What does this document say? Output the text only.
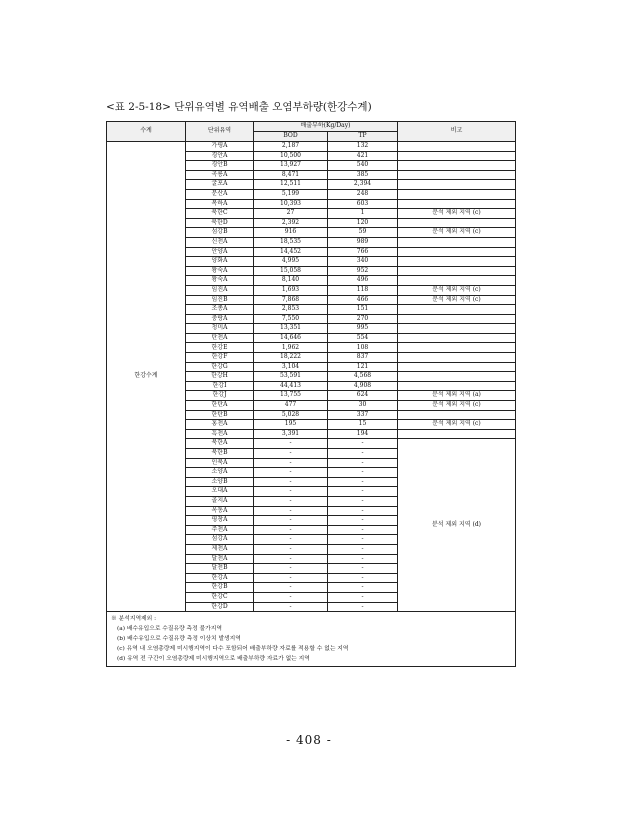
<표 2-5-18> 단위유역별 유역배출 오염부하량(한강수계)
수계	단위유역	배출부하(Kg/Day)		비고
		BOD	TP	
한강수계	가평A	2,187	132	
	경안A	10,500	421	
	경안B	13,927	540	
	곡릉A	8,471	385	
	굴포A	12,511	2,394	
	문산A	5,199	248	
	복하A	10,393	603	
	북한C	27	1	분석 제외 지역 (c)
	북한D	2,392	120	
	섬강B	916	59	분석 제외 지역 (c)
	신천A	18,535	989	
	안양A	14,452	766	
	양화A	4,995	340	
	왕숙A	15,058	952	
	왕숙A	8,140	496	
	임진A	1,693	118	분석 제외 지역 (c)
	임진B	7,868	466	분석 제외 지역 (c)
	조종A	2,853	151	
	중랑A	7,550	270	
	청미A	13,351	995	
	탄천A	14,646	554	
	한강E	1,962	108	
	한강F	18,222	837	
	한강G	3,104	121	
	한강H	53,591	4,568	
	한강I	44,413	4,908	
	한강J	13,755	624	분석 제외 지역 (a)
	한탄A	477	30	분석 제외 지역 (c)
	한탄B	5,028	337	
	홍천A	195	15	분석 제외 지역 (c)
	흑천A	3,391	194	
	북한A	-	-	분석 제외 지역 (d)
	북한B	-	-	
	인북A	-	-	
	소양A	-	-	
	소양B	-	-	
	오대A	-	-	
	골지A	-	-	
	옥동A	-	-	
	평창A	-	-	
	주천A	-	-	
	섬강A	-	-	
	제천A	-	-	
	달천A	-	-	
	달천B	-	-	
	한강A	-	-	
	한강B	-	-	
	한강C	-	-	
	한강D	-	-	

※ 분석지역제외 :
(a) 배수유입으로 수질유량 측정 불가지역
(b) 배수유입으로 수질유량 측정 이상치 발생지역
(c) 유역 내 오염총량제 미시행지역이 다수 포함되어 배출부하량 자료를 적용할 수 없는 지역
(d) 유역 전 구간이 오염총량제 미시행지역으로 배출부하량 자료가 없는 지역				
- 408 -
